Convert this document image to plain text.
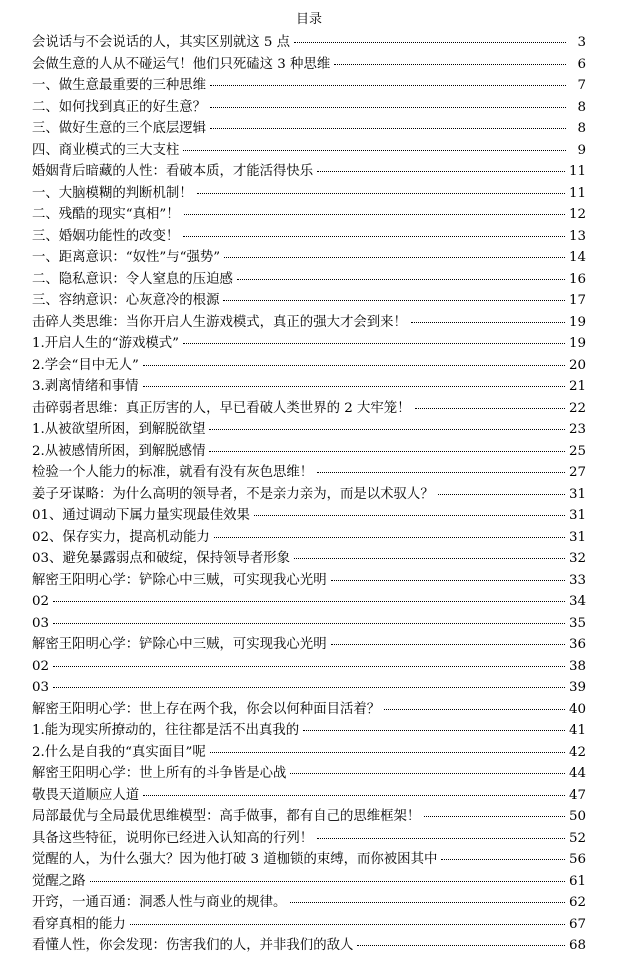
目录
会说话与不会说话的人，其实区别就这 5 点	3
会做生意的人从不碰运气！他们只死磕这 3 种思维	6
一、做生意最重要的三种思维	7
二、如何找到真正的好生意？	8
三、做好生意的三个底层逻辑	8
四、商业模式的三大支柱	9
婚姻背后暗藏的人性：看破本质，才能活得快乐	11
一、大脑模糊的判断机制！	11
二、残酷的现实“真相”！	12
三、婚姻功能性的改变！	13
一、距离意识：“奴性”与“强势”	14
二、隐私意识：令人窒息的压迫感	16
三、容纳意识：心灰意冷的根源	17
击碎人类思维：当你开启人生游戏模式，真正的强大才会到来！	19
1.开启人生的“游戏模式”	19
2.学会“目中无人”	20
3.剥离情绪和事情	21
击碎弱者思维：真正厉害的人，早已看破人类世界的 2 大牢笼！	22
1.从被欲望所困，到解脱欲望	23
2.从被感情所困，到解脱感情	25
检验一个人能力的标准，就看有没有灰色思维！	27
姜子牙谋略：为什么高明的领导者，不是亲力亲为，而是以术驭人？	31
01、通过调动下属力量实现最佳效果	31
02、保存实力，提高机动能力	31
03、避免暴露弱点和破绽，保持领导者形象	32
解密王阳明心学：铲除心中三贼，可实现我心光明	33
02	34
03	35
解密王阳明心学：铲除心中三贼，可实现我心光明	36
02	38
03	39
解密王阳明心学：世上存在两个我，你会以何种面目活着？	40
1.能为现实所撩动的，往往都是活不出真我的	41
2.什么是自我的“真实面目”呢	42
解密王阳明心学：世上所有的斗争皆是心战	44
敬畏天道顺应人道	47
局部最优与全局最优思维模型：高手做事，都有自己的思维框架！	50
具备这些特征，说明你已经进入认知高的行列！	52
觉醒的人，为什么强大？因为他打破 3 道枷锁的束缚，而你被困其中	56
觉醒之路	61
开窍，一通百通：洞悉人性与商业的规律。	62
看穿真相的能力	67
看懂人性，你会发现：伤害我们的人，并非我们的敌人	68
